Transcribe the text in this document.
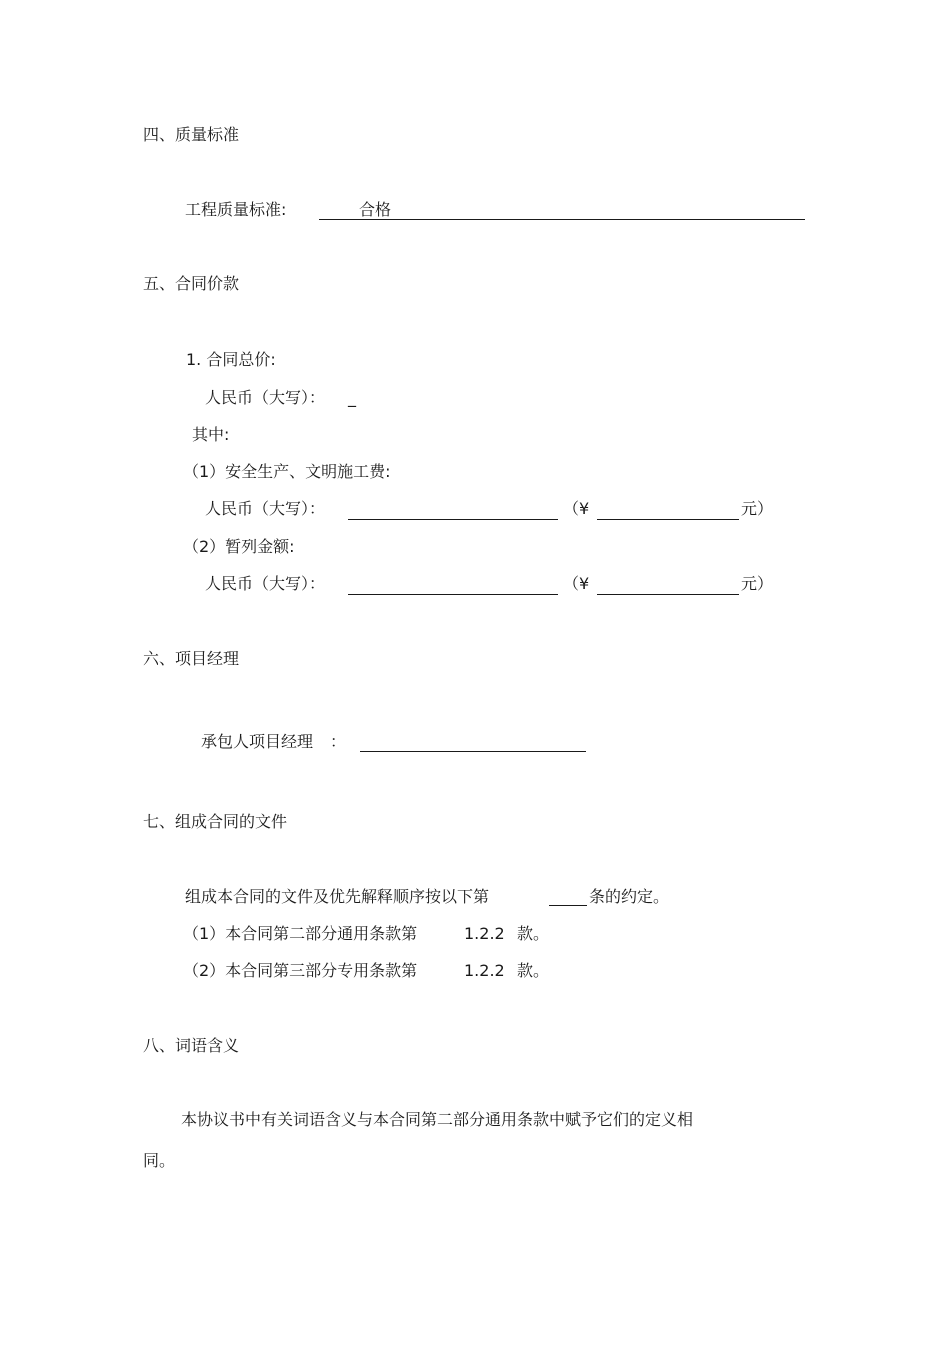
四、质量标准
工程质量标准:	合格
五、合同价款
1. 合同总价:
人民币（大写）： _
其中:
（1）安全生产、文明施工费:
人民币（大写）：	（¥	元）
（2）暂列金额:
人民币（大写）：	（¥	元）
六、项目经理
承包人项目经理 ：
七、组成合同的文件
组成本合同的文件及优先解释顺序按以下第	条的约定。
（1）本合同第二部分通用条款第	1.2.2 款。
（2）本合同第三部分专用条款第	1.2.2 款。
八、词语含义
本协议书中有关词语含义与本合同第二部分通用条款中赋予它们的定义相
同。
